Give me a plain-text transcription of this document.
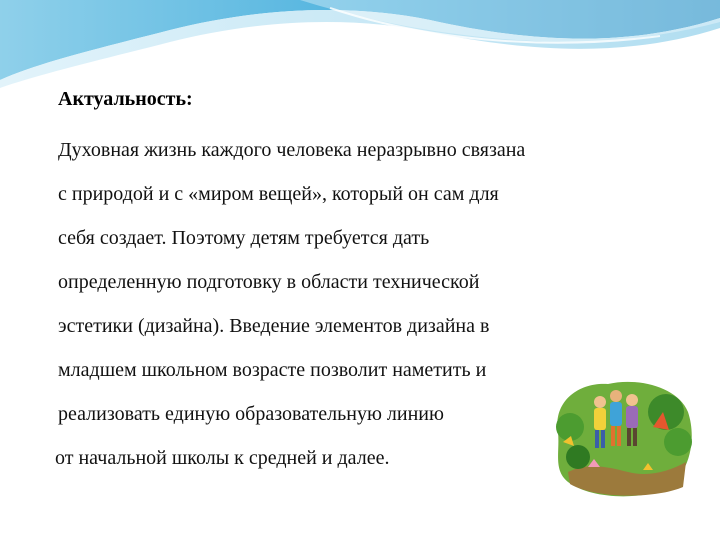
Актуальность:
Духовная жизнь каждого человека неразрывно связана
с природой и с «миром вещей», который он сам для
себя создает. Поэтому детям требуется дать
определенную подготовку в области технической
эстетики (дизайна). Введение элементов дизайна в
младшем школьном возрасте позволит наметить и
реализовать единую образовательную линию
от начальной школы к средней и далее.
